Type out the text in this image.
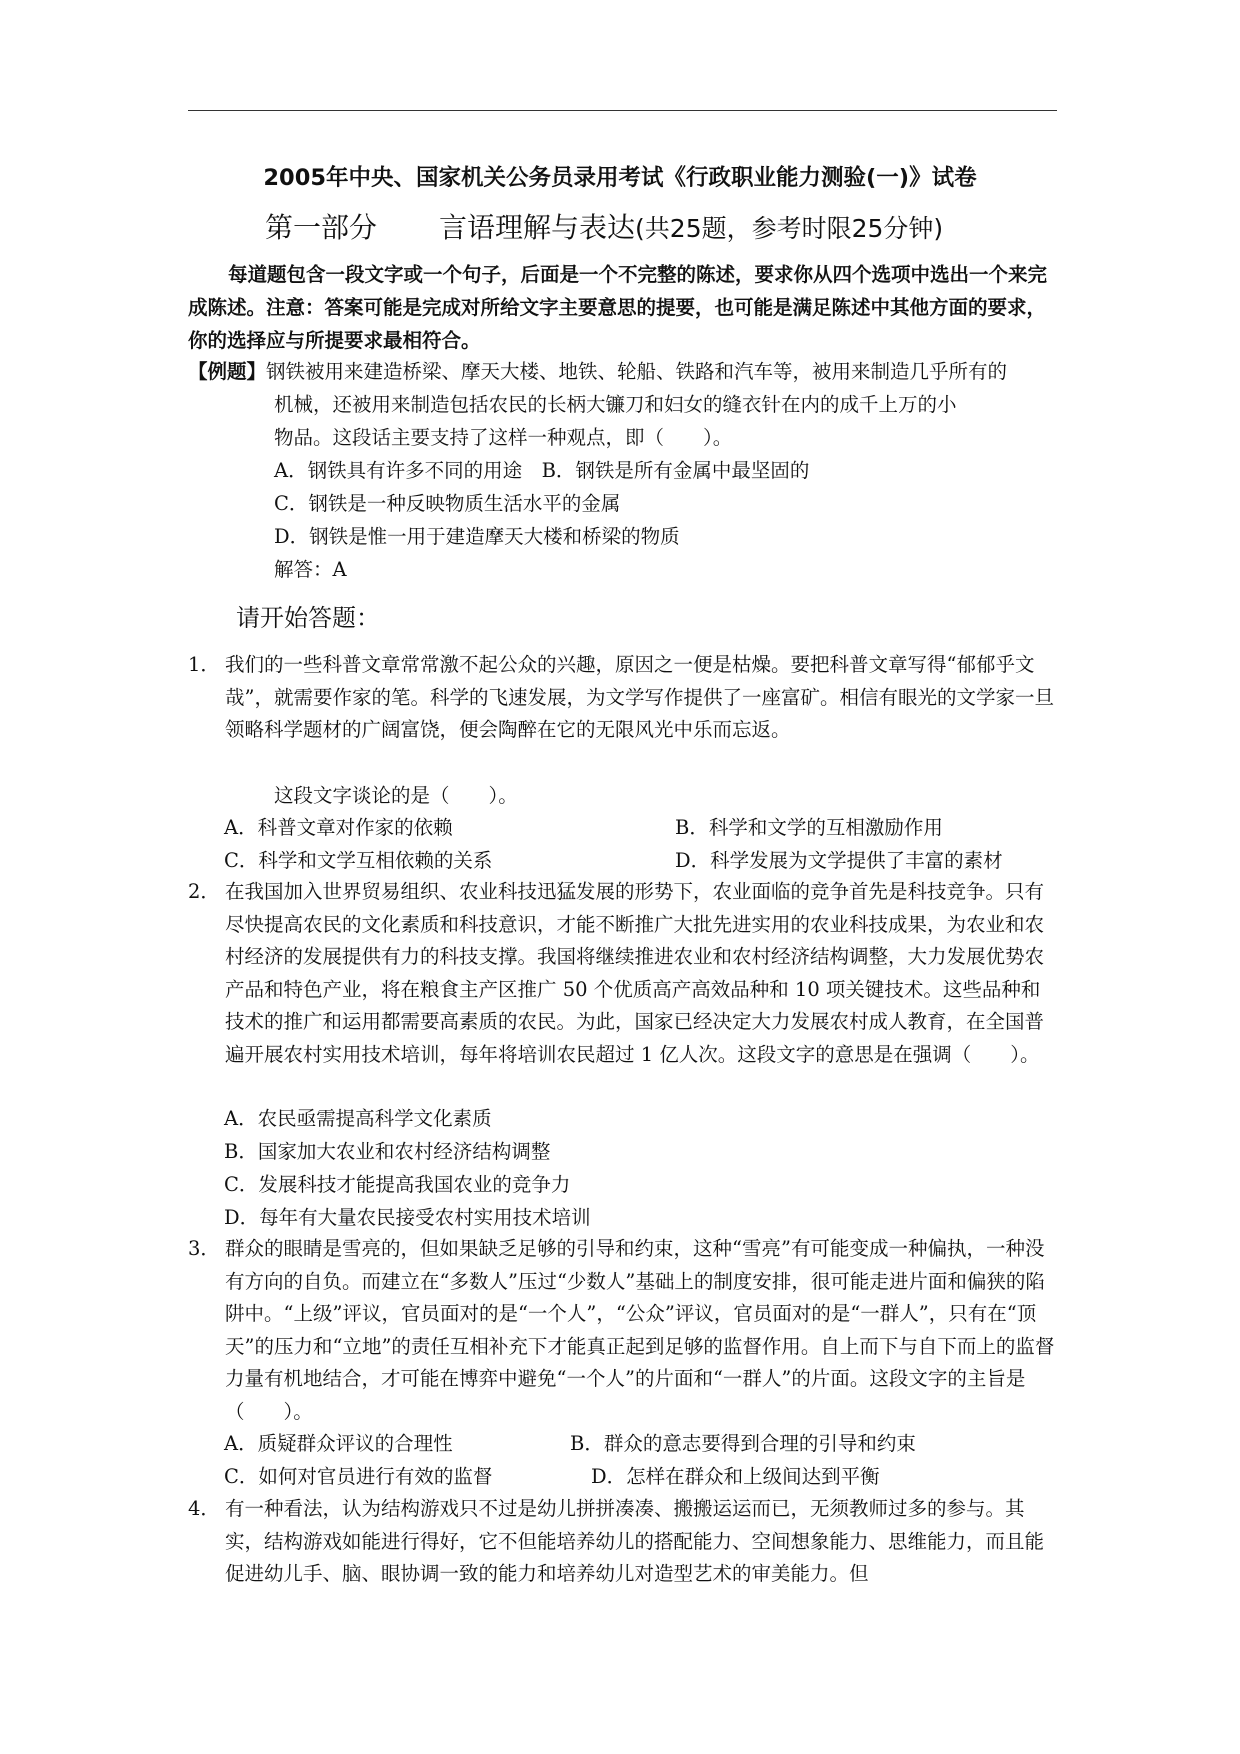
2005年中央、国家机关公务员录用考试《行政职业能力测验(一)》试卷
第一部分 言语理解与表达(共25题，参考时限25分钟)
每道题包含一段文字或一个句子，后面是一个不完整的陈述，要求你从四个选项中选出一个来完成陈述。注意：答案可能是完成对所给文字主要意思的提要，也可能是满足陈述中其他方面的要求，你的选择应与所提要求最相符合。
【例题】钢铁被用来建造桥梁、摩天大楼、地铁、轮船、铁路和汽车等，被用来制造几乎所有的
机械，还被用来制造包括农民的长柄大镰刀和妇女的缝衣针在内的成千上万的小
物品。这段话主要支持了这样一种观点，即（　　）。
A．钢铁具有许多不同的用途　B．钢铁是所有金属中最坚固的
C．钢铁是一种反映物质生活水平的金属
D．钢铁是惟一用于建造摩天大楼和桥梁的物质
解答：A
请开始答题：
1． 我们的一些科普文章常常激不起公众的兴趣，原因之一便是枯燥。要把科普文章写得“郁郁乎文哉”，就需要作家的笔。科学的飞速发展，为文学写作提供了一座富矿。相信有眼光的文学家一旦领略科学题材的广阔富饶，便会陶醉在它的无限风光中乐而忘返。
这段文字谈论的是（　　）。
A．科普文章对作家的依赖	B．科学和文学的互相激励作用
C．科学和文学互相依赖的关系	D．科学发展为文学提供了丰富的素材
2． 在我国加入世界贸易组织、农业科技迅猛发展的形势下，农业面临的竞争首先是科技竞争。只有尽快提高农民的文化素质和科技意识，才能不断推广大批先进实用的农业科技成果，为农业和农村经济的发展提供有力的科技支撑。我国将继续推进农业和农村经济结构调整，大力发展优势农产品和特色产业，将在粮食主产区推广 50 个优质高产高效品种和 10 项关键技术。这些品种和技术的推广和运用都需要高素质的农民。为此，国家已经决定大力发展农村成人教育，在全国普遍开展农村实用技术培训，每年将培训农民超过 1 亿人次。这段文字的意思是在强调（　　）。
A．农民亟需提高科学文化素质
B．国家加大农业和农村经济结构调整
C．发展科技才能提高我国农业的竞争力
D．每年有大量农民接受农村实用技术培训
3． 群众的眼睛是雪亮的，但如果缺乏足够的引导和约束，这种“雪亮”有可能变成一种偏执，一种没有方向的自负。而建立在“多数人”压过“少数人”基础上的制度安排，很可能走进片面和偏狭的陷阱中。“上级”评议，官员面对的是“一个人”，“公众”评议，官员面对的是“一群人”，只有在“顶天”的压力和“立地”的责任互相补充下才能真正起到足够的监督作用。自上而下与自下而上的监督力量有机地结合，才可能在博弈中避免“一个人”的片面和“一群人”的片面。这段文字的主旨是（　　）。
A．质疑群众评议的合理性	B．群众的意志要得到合理的引导和约束
C．如何对官员进行有效的监督	D．怎样在群众和上级间达到平衡
4． 有一种看法，认为结构游戏只不过是幼儿拼拼凑凑、搬搬运运而已，无须教师过多的参与。其实，结构游戏如能进行得好，它不但能培养幼儿的搭配能力、空间想象能力、思维能力，而且能促进幼儿手、脑、眼协调一致的能力和培养幼儿对造型艺术的审美能力。但
